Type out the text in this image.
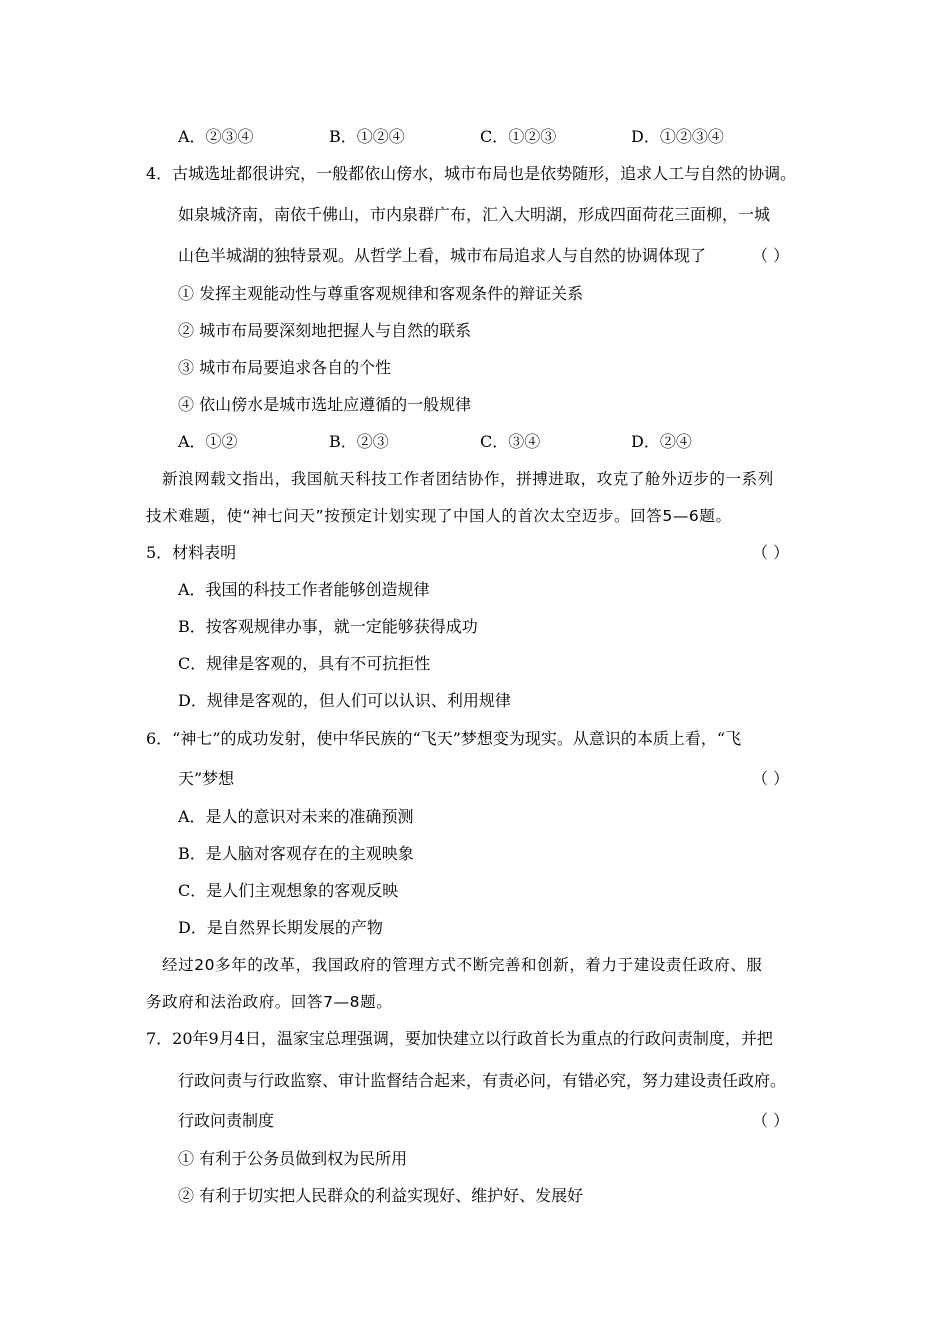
A．②③④	B．①②④	C．①②③	D．①②③④
4．古城选址都很讲究，一般都依山傍水，城市布局也是依势随形，追求人工与自然的协调。
如泉城济南，南依千佛山，市内泉群广布，汇入大明湖，形成四面荷花三面柳，一城
山色半城湖的独特景观。从哲学上看，城市布局追求人与自然的协调体现了	（ ）
① 发挥主观能动性与尊重客观规律和客观条件的辩证关系
② 城市布局要深刻地把握人与自然的联系
③ 城市布局要追求各自的个性
④ 依山傍水是城市选址应遵循的一般规律
A．①②	B．②③	C．③④	D．②④
新浪网载文指出，我国航天科技工作者团结协作，拼搏进取，攻克了舱外迈步的一系列
技术难题，使“神七问天”按预定计划实现了中国人的首次太空迈步。回答5—6题。
5．材料表明	（ ）
A．我国的科技工作者能够创造规律
B．按客观规律办事，就一定能够获得成功
C．规律是客观的，具有不可抗拒性
D．规律是客观的，但人们可以认识、利用规律
6．“神七”的成功发射，使中华民族的“飞天”梦想变为现实。从意识的本质上看，“飞
天”梦想	（ ）
A．是人的意识对未来的准确预测
B．是人脑对客观存在的主观映象
C．是人们主观想象的客观反映
D．是自然界长期发展的产物
经过20多年的改革，我国政府的管理方式不断完善和创新，着力于建设责任政府、服
务政府和法治政府。回答7—8题。
7．20年9月4日，温家宝总理强调，要加快建立以行政首长为重点的行政问责制度，并把
行政问责与行政监察、审计监督结合起来，有责必问，有错必究，努力建设责任政府。
行政问责制度	（ ）
① 有利于公务员做到权为民所用
② 有利于切实把人民群众的利益实现好、维护好、发展好
